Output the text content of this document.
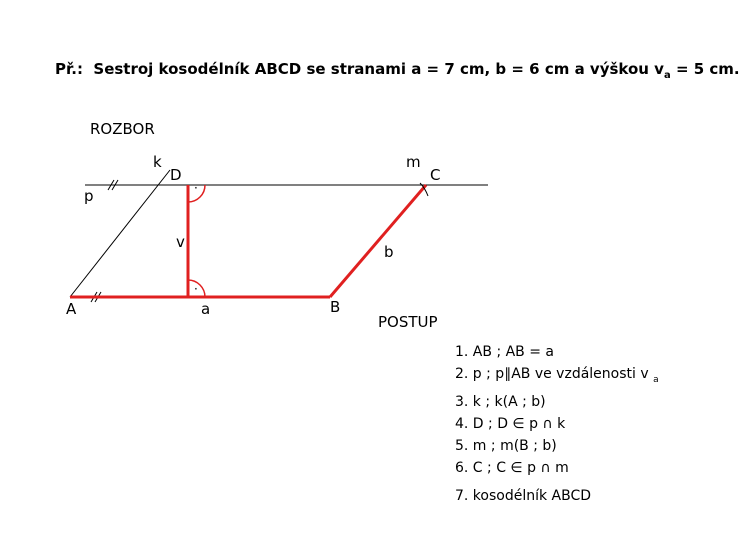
Př.: Sestroj kosodélník ABCD se stranami a = 7 cm, b = 6 cm a výškou $v_a = 5$ cm.
ROZBOR
k
D
m
C
p
v
b
A	a	B
·
·
POSTUP
1. AB ; AB = a
2. p ; p∥AB ve vzdálenosti v $_a$
3. k ; k(A ; b)
4. D ; D ∈ p ∩ k
5. m ; m(B ; b)
6. C ; C ∈ p ∩ m
7. kosodélník ABCD
